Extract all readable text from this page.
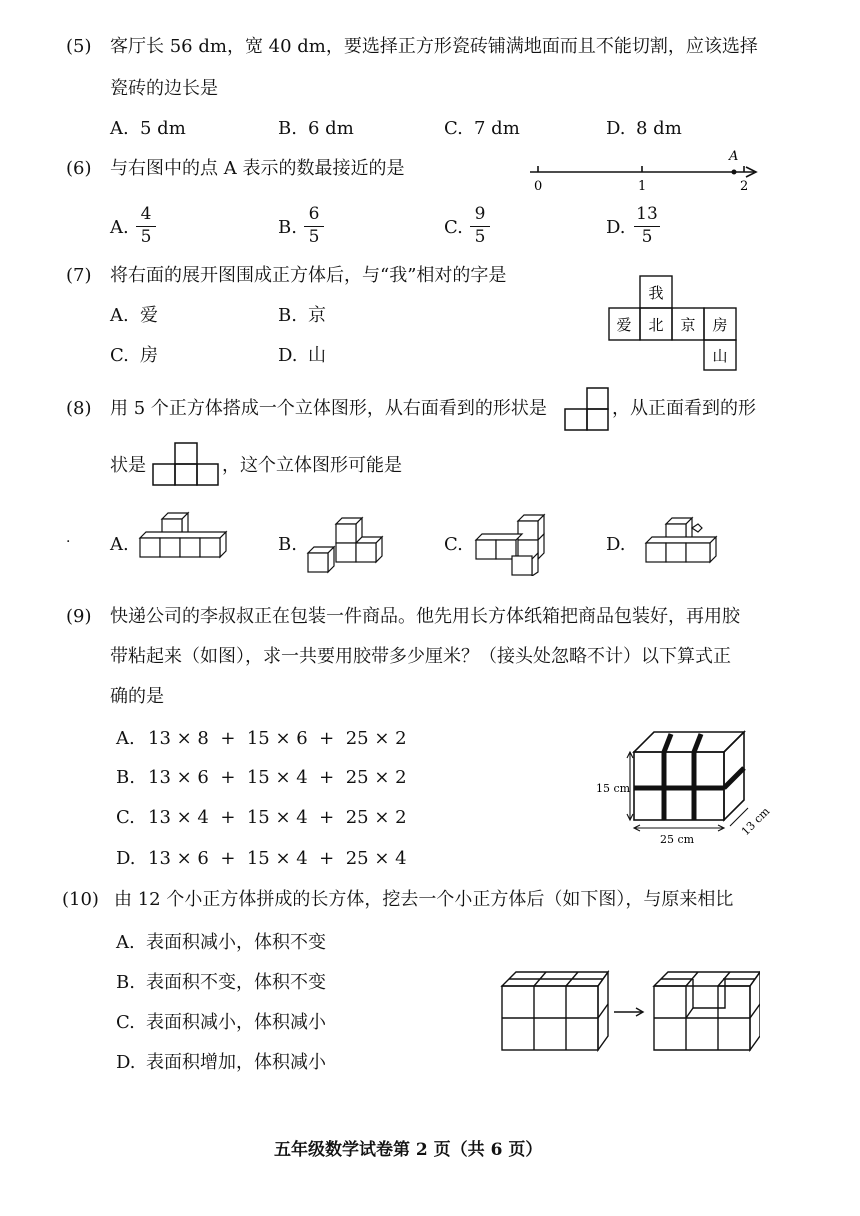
(5) 客厅长 56 dm，宽 40 dm，要选择正方形瓷砖铺满地面而且不能切割，应该选择
瓷砖的边长是
A. 5 dm	B. 6 dm	C. 7 dm	D. 8 dm
(6) 与右图中的点 A 表示的数最接近的是
0	1	2
A
A.
4
5	B.
6
5	C.
9
5	D.
13
5
(7) 将右面的展开图围成正方体后，与“我”相对的字是
A. 爱	B. 京
C. 房	D. 山
我
爱 北 京 房
山
(8) 用 5 个正方体搭成一个立体图形，从右面看到的形状是	，从正面看到的形
状是	，这个立体图形可能是
· A.	B.	C.	D.
(9) 快递公司的李叔叔正在包装一件商品。他先用长方体纸箱把商品包装好，再用胶
带粘起来（如图），求一共要用胶带多少厘米？（接头处忽略不计）以下算式正
确的是
A. 13 × 8  +  15 × 6  +  25 × 2
B. 13 × 6  +  15 × 4  +  25 × 2
C. 13 × 4  +  15 × 4  +  25 × 2
D. 13 × 6  +  15 × 4  +  25 × 4
15 cm
25 cm
13 cm
(10) 由 12 个小正方体拼成的长方体，挖去一个小正方体后（如下图），与原来相比
A. 表面积减小，体积不变
B. 表面积不变，体积不变
C. 表面积减小，体积减小
D. 表面积增加，体积减小
五年级数学试卷第 2 页（共 6 页）
